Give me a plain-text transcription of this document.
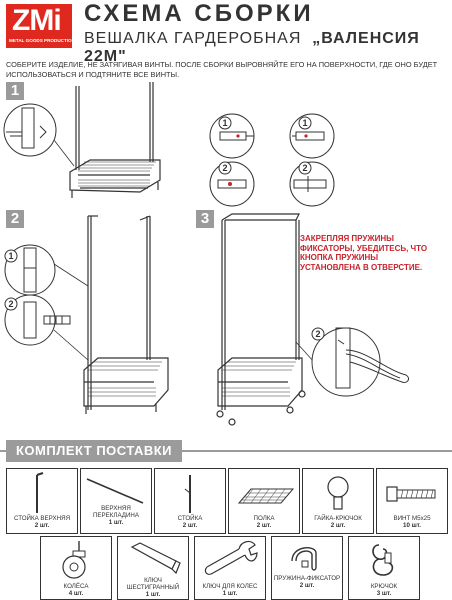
ZMi
METAL GOODS PRODUCTION
СХЕМА СБОРКИ
ВЕШАЛКА ГАРДЕРОБНАЯ „ВАЛЕНСИЯ 22М"
СОБЕРИТЕ ИЗДЕЛИЕ, НЕ ЗАТЯГИВАЯ ВИНТЫ. ПОСЛЕ СБОРКИ ВЫРОВНЯЙТЕ ЕГО НА ПОВЕРХНОСТИ, ГДЕ ОНО БУДЕТ ИСПОЛЬЗОВАТЬСЯ И ПОДТЯНИТЕ ВСЕ ВИНТЫ.
1
2	3
1
2
1
2
1
2
2
ЗАКРЕПЛЯЯ ПРУЖИНЫ ФИКСАТОРЫ, УБЕДИТЕСЬ, ЧТО КНОПКА ПРУЖИНЫ УСТАНОВЛЕНА В ОТВЕРСТИЕ.
КОМПЛЕКТ ПОСТАВКИ
СТОЙКА ВЕРХНЯЯ
2 шт.
ВЕРХНЯЯ ПЕРЕКЛАДИНА
1 шт.
СТОЙКА
2 шт.
ПОЛКА
2 шт.
ГАЙКА-КРЮЧОК
2 шт.
ВИНТ М5х25
10 шт.
КОЛЁСА
4 шт.
КЛЮЧ ШЕСТИГРАННЫЙ
1 шт.
КЛЮЧ ДЛЯ КОЛЕС
1 шт.
ПРУЖИНА-ФИКСАТОР
2 шт.	КРЮЧОК
3 шт.
